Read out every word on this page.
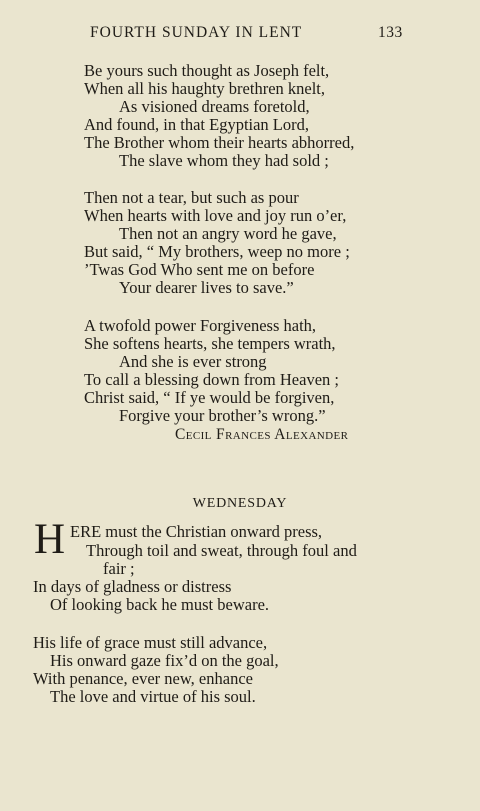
FOURTH SUNDAY IN LENT	133
Be yours such thought as Joseph felt,
When all his haughty brethren knelt,
As visioned dreams foretold,
And found, in that Egyptian Lord,
The Brother whom their hearts abhorred,
The slave whom they had sold ;
Then not a tear, but such as pour
When hearts with love and joy run o’er,
Then not an angry word he gave,
But said, “ My brothers, weep no more ;
’Twas God Who sent me on before
Your dearer lives to save.”
A twofold power Forgiveness hath,
She softens hearts, she tempers wrath,
And she is ever strong
To call a blessing down from Heaven ;
Christ said, “ If ye would be forgiven,
Forgive your brother’s wrong.”
Cecil Frances Alexander
WEDNESDAY
H ERE must the Christian onward press,
Through toil and sweat, through foul and
fair ;
In days of gladness or distress
Of looking back he must beware.
His life of grace must still advance,
His onward gaze fix’d on the goal,
With penance, ever new, enhance
The love and virtue of his soul.
